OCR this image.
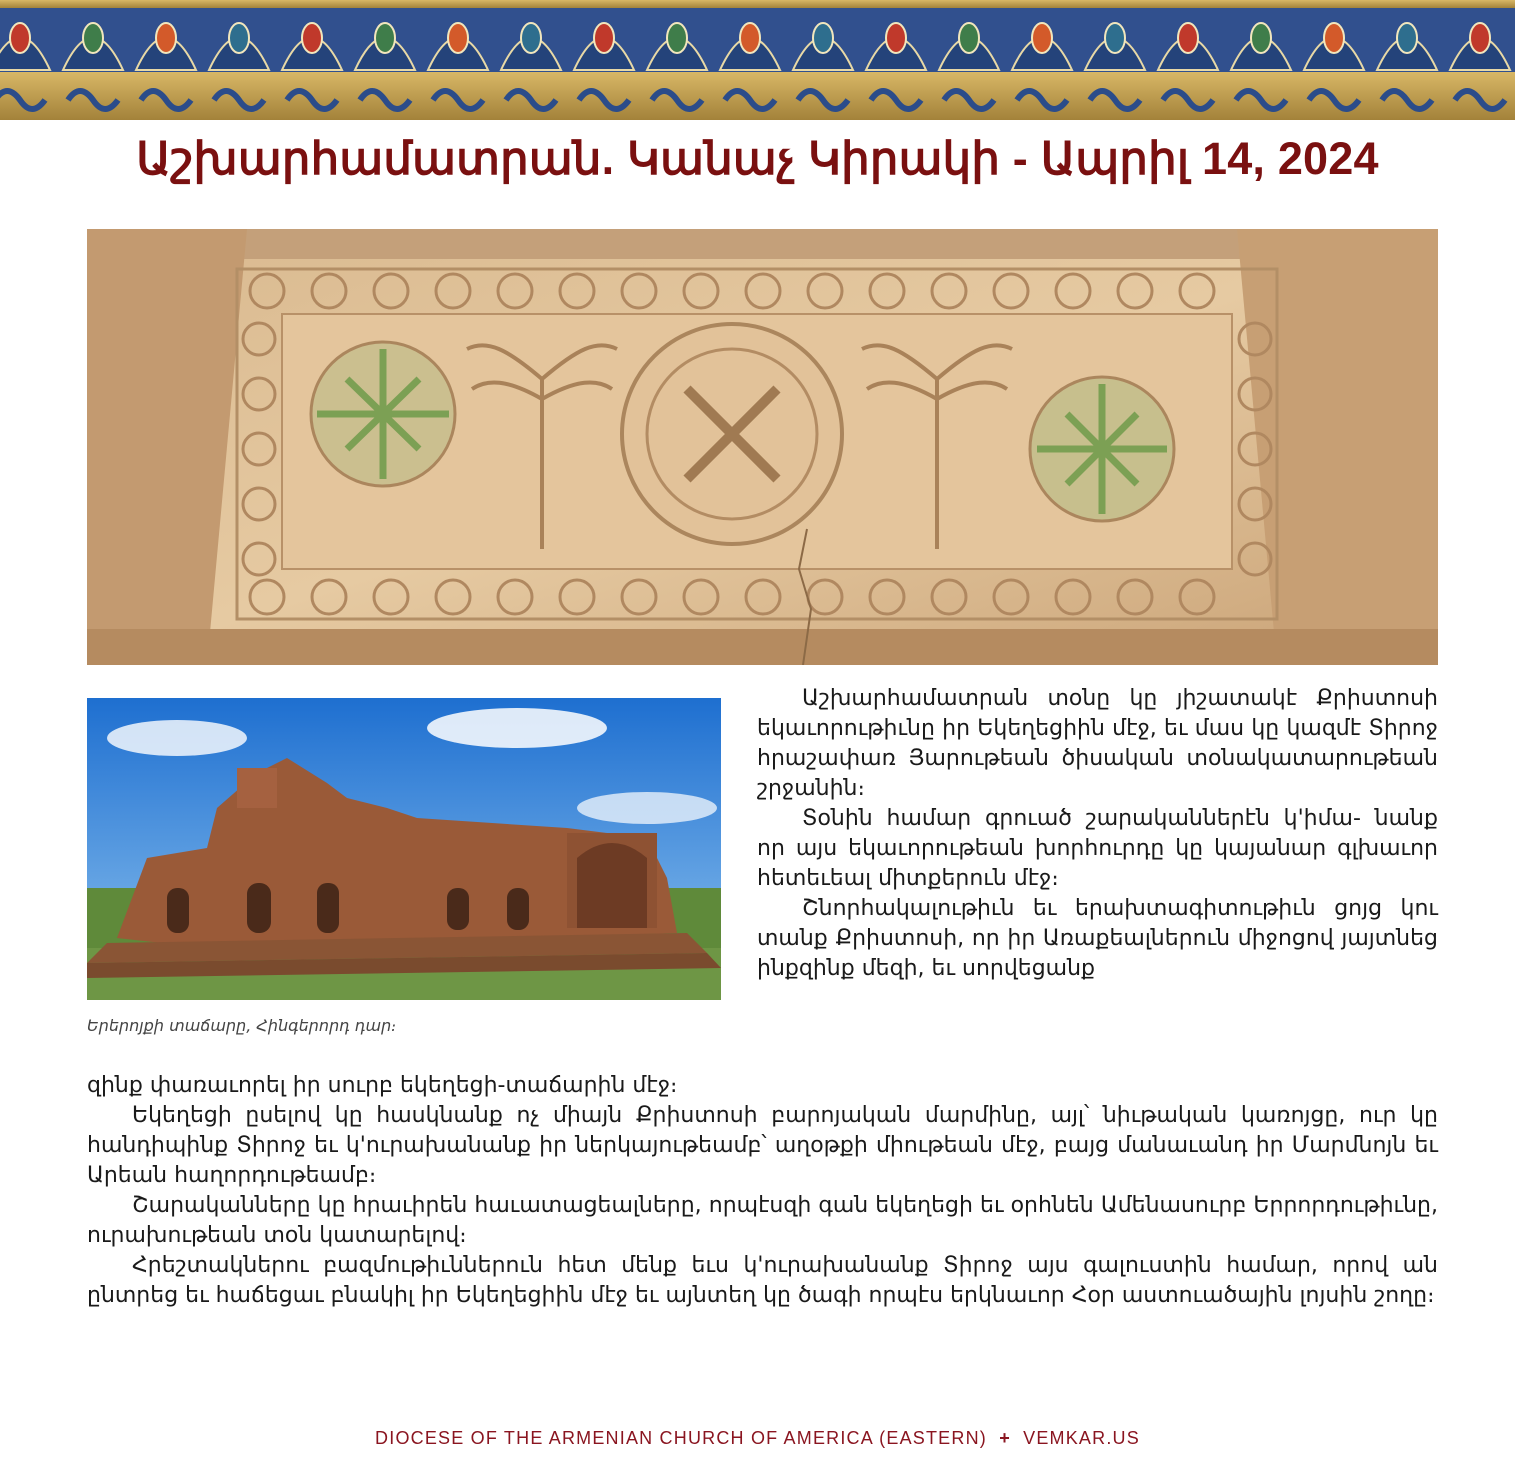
Աշխարհամատրան. Կանաչ Կիրակի - Ապրիլ 14, 2024
Երերոյքի տաճարը, Հինգերորդ դար։

Աշխարհամատրան տօնը կը յիշատակէ Քրիստոսի եկաւորութիւնը իր Եկեղեցիին մէջ, եւ մաս կը կազմէ Տիրոջ հրաշափառ Յարութեան ծիսական տօնակատարութեան շրջանին։

Տօնին համար գրուած շարականներէն կ'իմա- նանք որ այս եկաւորութեան խորհուրդը կը կայանար գլխաւոր հետեւեալ միտքերուն մէջ։

Շնորհակալութիւն եւ երախտագիտութիւն ցոյց կու տանք Քրիստոսի, որ իր Առաքեալներուն միջոցով յայտնեց ինքզինք մեզի, եւ սորվեցանք

զինք փառաւորել իր սուրբ եկեղեցի-տաճարին մէջ։

Եկեղեցի ըսելով կը հասկնանք ոչ միայն Քրիստոսի բարոյական մարմինը, այլ՝ նիւթական կառոյցը, ուր կը հանդիպինք Տիրոջ եւ կ'ուրախանանք իր ներկայութեամբ՝ աղօթքի միութեան մէջ, բայց մանաւանդ իր Մարմնոյն եւ Արեան հաղորդութեամբ։

Շարականները կը հրաւիրեն հաւատացեալները, որպէսզի գան եկեղեցի եւ օրհնեն Ամենասուրբ Երրորդութիւնը, ուրախութեան տօն կատարելով։

Հրեշտակներու բազմութիւններուն հետ մենք եւս կ'ուրախանանք Տիրոջ այս գալուստին համար, որով ան ընտրեց եւ հաճեցաւ բնակիլ իր Եկեղեցիին մէջ եւ այնտեղ կը ծագի որպէս երկնաւոր Հօր աստուածային լոյսին շողը։

DIOCESE OF THE ARMENIAN CHURCH OF AMERICA (EASTERN) + VEMKAR.US
